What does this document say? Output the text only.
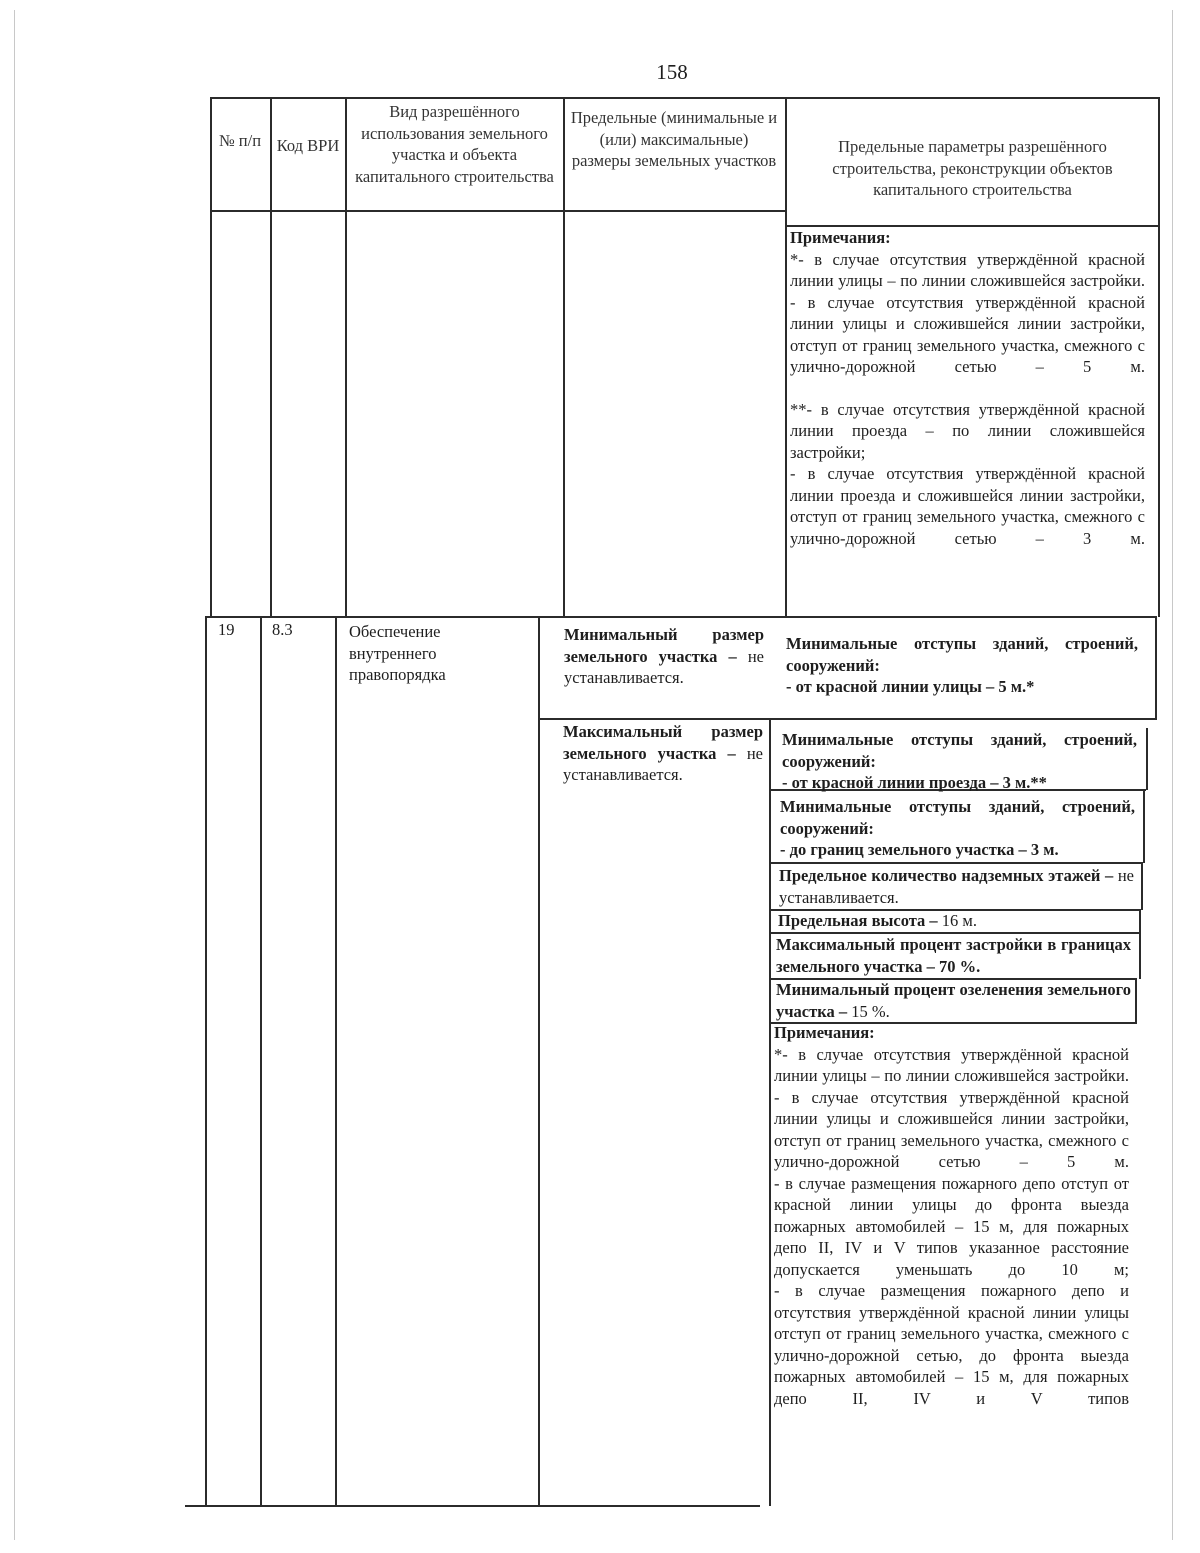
158
№ п/п Код ВРИ
Вид разрешённого использования земельного участка и объекта капитального строительства
Предельные (минимальные и (или) максимальные) размеры земельных участков
Предельные параметры разрешённого строительства, реконструкции объектов капитального строительства
Примечания:
*- в случае отсутствия утверждённой красной линии улицы – по линии сложившейся застройки.
- в случае отсутствия утверждённой красной линии улицы и сложившейся линии застройки, отступ от границ земельного участка, смежного с улично-дорожной сетью – 5 м.
**- в случае отсутствия утверждённой красной линии проезда – по линии сложившейся застройки;
- в случае отсутствия утверждённой красной линии проезда и сложившейся линии застройки, отступ от границ земельного участка, смежного с улично-дорожной сетью – 3 м.
19	8.3	Обеспечение внутреннего правопорядка
Минимальный размер земельного участка – не устанавливается.
Максимальный размер земельного участка – не устанавливается.
Минимальные отступы зданий, строений, сооружений:
- от красной линии улицы – 5 м.*
Минимальные отступы зданий, строений, сооружений:
- от красной линии проезда – 3 м.**
Минимальные отступы зданий, строений, сооружений:
- до границ земельного участка – 3 м.
Предельное количество надземных этажей – не устанавливается.
Предельная высота – 16 м.
Максимальный процент застройки в границах земельного участка – 70 %.
Минимальный процент озеленения земельного участка – 15 %.
Примечания:
*- в случае отсутствия утверждённой красной линии улицы – по линии сложившейся застройки.
- в случае отсутствия утверждённой красной линии улицы и сложившейся линии застройки, отступ от границ земельного участка, смежного с улично-дорожной сетью – 5 м.
- в случае размещения пожарного депо отступ от красной линии улицы до фронта выезда пожарных автомобилей – 15 м, для пожарных депо II, IV и V типов указанное расстояние допускается уменьшать до 10 м;
- в случае размещения пожарного депо и отсутствия утверждённой красной линии улицы отступ от границ земельного участка, смежного с улично-дорожной сетью, до фронта выезда пожарных автомобилей – 15 м, для пожарных депо II, IV и V типов
